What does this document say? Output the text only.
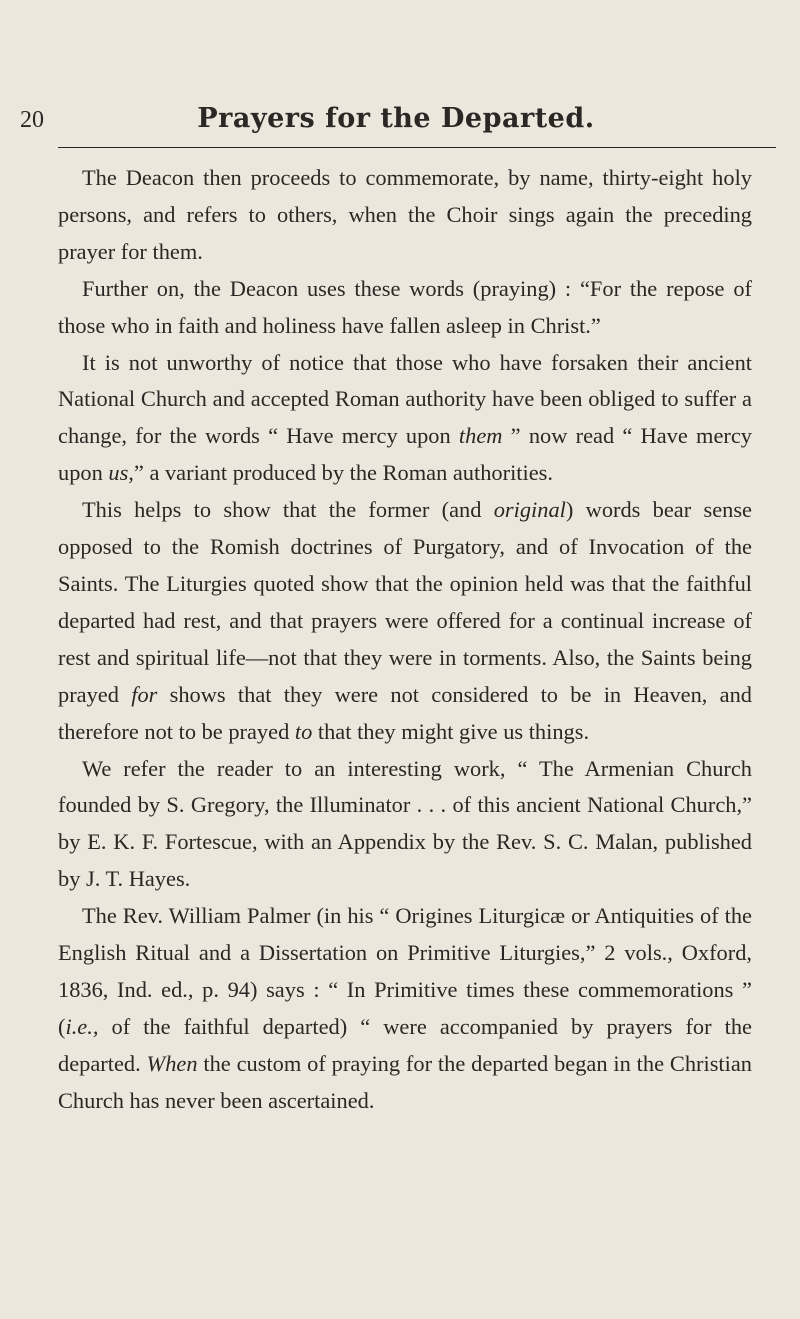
20	Prayers for the Departed.

The Deacon then proceeds to commemorate, by name, thirty-eight holy persons, and refers to others, when the Choir sings again the preceding prayer for them.

Further on, the Deacon uses these words (praying) : “For the repose of those who in faith and holiness have fallen asleep in Christ.”

It is not unworthy of notice that those who have forsaken their ancient National Church and accepted Roman authority have been obliged to suffer a change, for the words “ Have mercy upon them ” now read “ Have mercy upon us,” a variant produced by the Roman authorities.

This helps to show that the former (and original) words bear sense opposed to the Romish doctrines of Purgatory, and of Invocation of the Saints. The Liturgies quoted show that the opinion held was that the faithful departed had rest, and that prayers were offered for a continual increase of rest and spiritual life—not that they were in torments. Also, the Saints being prayed for shows that they were not considered to be in Heaven, and therefore not to be prayed to that they might give us things.

We refer the reader to an interesting work, “ The Armenian Church founded by S. Gregory, the Illuminator . . . of this ancient National Church,” by E. K. F. Fortescue, with an Appendix by the Rev. S. C. Malan, published by J. T. Hayes.

The Rev. William Palmer (in his “ Origines Liturgicæ or Antiquities of the English Ritual and a Dissertation on Primitive Liturgies,” 2 vols., Oxford, 1836, Ind. ed., p. 94) says : “ In Primitive times these commemorations ” (i.e., of the faithful departed) “ were accompanied by prayers for the departed. When the custom of praying for the departed began in the Christian Church has never been ascertained.
